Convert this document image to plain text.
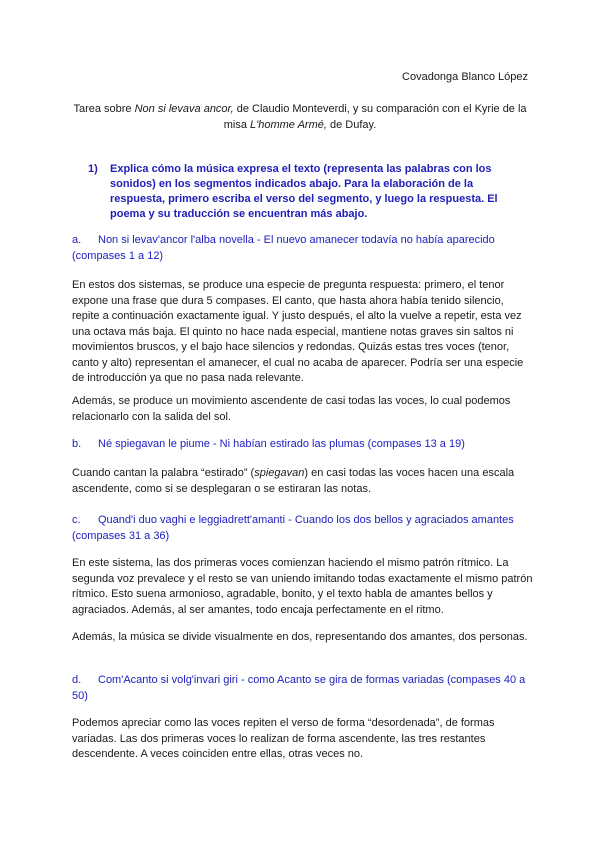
Covadonga Blanco López
Tarea sobre Non si levava ancor, de Claudio Monteverdi, y su comparación con el Kyrie de la misa L'homme Armé, de Dufay.
1) Explica cómo la música expresa el texto (representa las palabras con los sonidos) en los segmentos indicados abajo. Para la elaboración de la respuesta, primero escriba el verso del segmento, y luego la respuesta. El poema y su traducción se encuentran más abajo.
a. Non si levav'ancor l'alba novella - El nuevo amanecer todavía no había aparecido (compases 1 a 12)
En estos dos sistemas, se produce una especie de pregunta respuesta: primero, el tenor expone una frase que dura 5 compases. El canto, que hasta ahora había tenido silencio, repite a continuación exactamente igual. Y justo después, el alto la vuelve a repetir, esta vez una octava más baja. El quinto no hace nada especial, mantiene notas graves sin saltos ni movimientos bruscos, y el bajo hace silencios y redondas. Quizás estas tres voces (tenor, canto y alto) representan el amanecer, el cual no acaba de aparecer. Podría ser una especie de introducción ya que no pasa nada relevante.
Además, se produce un movimiento ascendente de casi todas las voces, lo cual podemos relacionarlo con la salida del sol.
b. Né spiegavan le piume - Ni habían estirado las plumas (compases 13 a 19)
Cuando cantan la palabra “estirado” (spiegavan) en casi todas las voces hacen una escala ascendente, como si se desplegaran o se estiraran las notas.
c. Quand'i duo vaghi e leggiadrett'amanti - Cuando los dos bellos y agraciados amantes (compases 31 a 36)
En este sistema, las dos primeras voces comienzan haciendo el mismo patrón rítmico. La segunda voz prevalece y el resto se van uniendo imitando todas exactamente el mismo patrón rítmico. Esto suena armonioso, agradable, bonito, y el texto habla de amantes bellos y agraciados. Además, al ser amantes, todo encaja perfectamente en el ritmo.
Además, la música se divide visualmente en dos, representando dos amantes, dos personas.
d. Com'Acanto si volg'invari giri - como Acanto se gira de formas variadas (compases 40 a 50)
Podemos apreciar como las voces repiten el verso de forma “desordenada”, de formas variadas. Las dos primeras voces lo realizan de forma ascendente, las tres restantes descendente. A veces coinciden entre ellas, otras veces no.
